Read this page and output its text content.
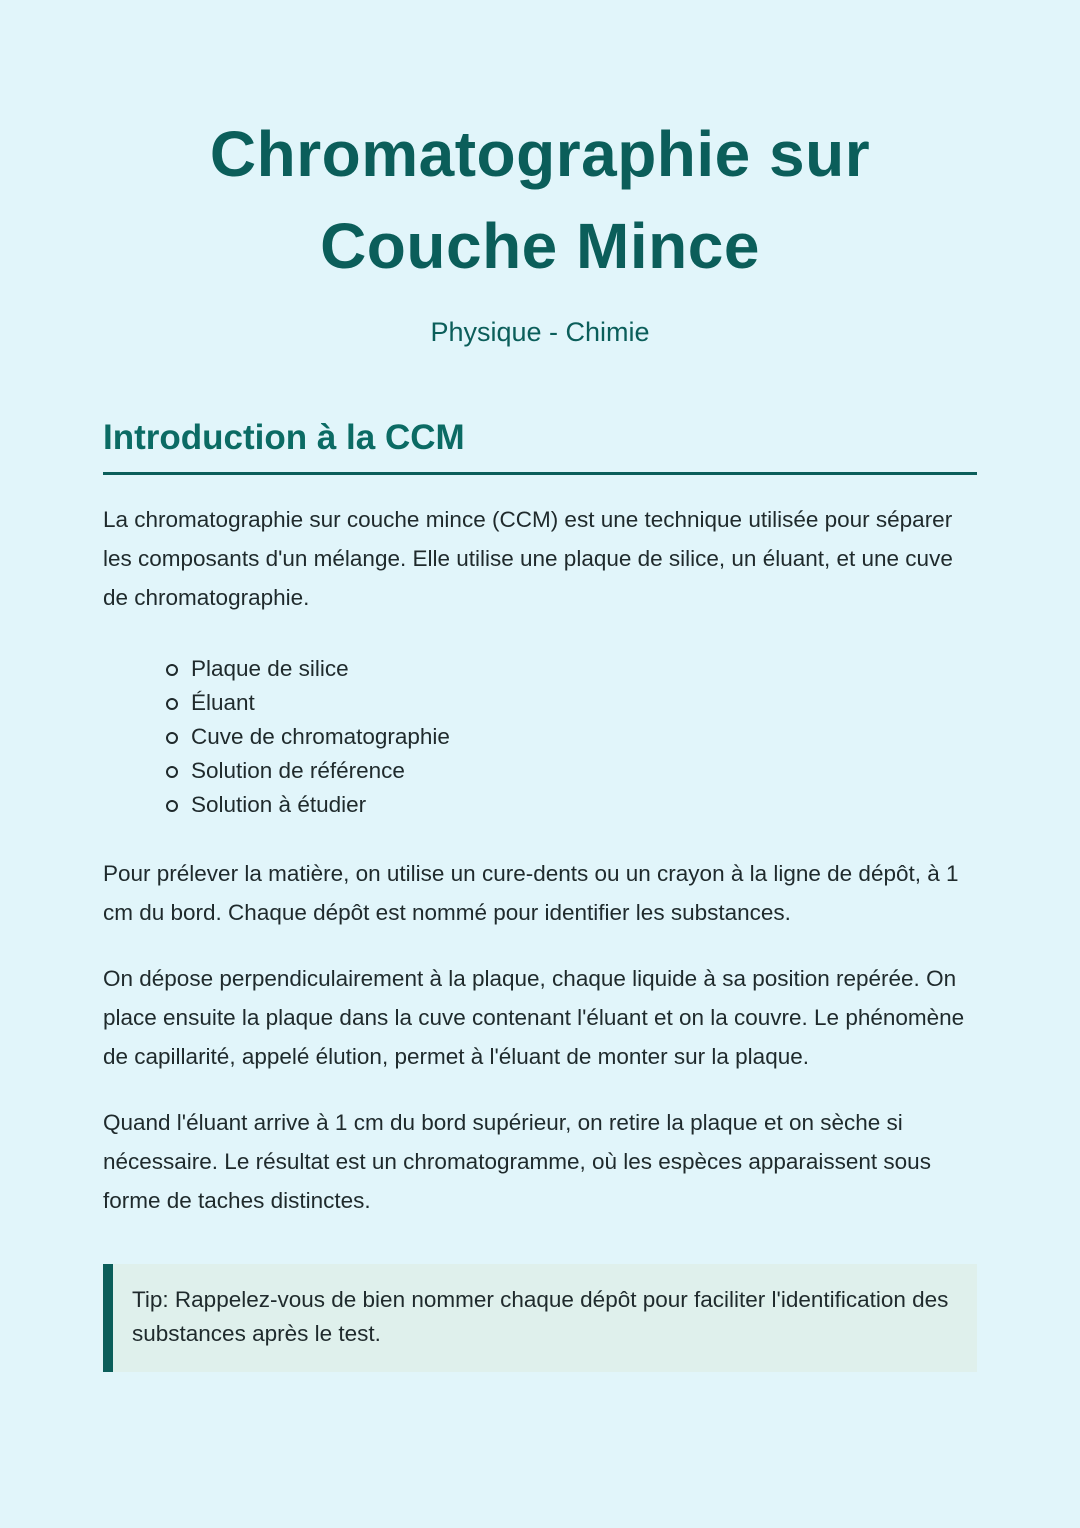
Chromatographie sur
Couche Mince

Physique - Chimie

Introduction à la CCM

La chromatographie sur couche mince (CCM) est une technique utilisée pour séparer les composants d'un mélange. Elle utilise une plaque de silice, un éluant, et une cuve de chromatographie.

Plaque de silice
Éluant
Cuve de chromatographie
Solution de référence
Solution à étudier

Pour prélever la matière, on utilise un cure-dents ou un crayon à la ligne de dépôt, à 1 cm du bord. Chaque dépôt est nommé pour identifier les substances.

On dépose perpendiculairement à la plaque, chaque liquide à sa position repérée. On place ensuite la plaque dans la cuve contenant l'éluant et on la couvre. Le phénomène de capillarité, appelé élution, permet à l'éluant de monter sur la plaque.

Quand l'éluant arrive à 1 cm du bord supérieur, on retire la plaque et on sèche si nécessaire. Le résultat est un chromatogramme, où les espèces apparaissent sous forme de taches distinctes.

Tip: Rappelez-vous de bien nommer chaque dépôt pour faciliter l'identification des substances après le test.
